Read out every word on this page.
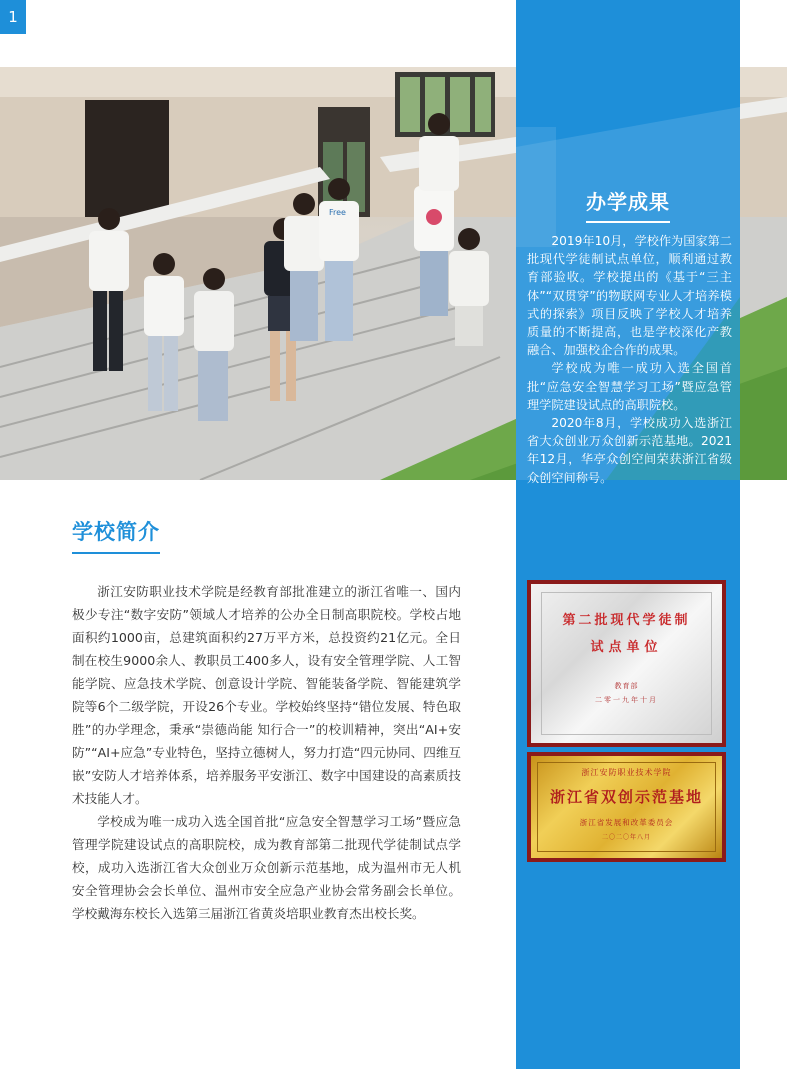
1
Free	办学成果

2019年10月，学校作为国家第二批现代学徒制试点单位，顺利通过教育部验收。学校提出的《基于“三主体”“双贯穿”的物联网专业人才培养模式的探索》项目反映了学校人才培养质量的不断提高，也是学校深化产教融合、加强校企合作的成果。

学校成为唯一成功入选全国首批“应急安全智慧学习工场”暨应急管理学院建设试点的高职院校。

2020年8月，学校成功入选浙江省大众创业万众创新示范基地。2021年12月，华亭众创空间荣获浙江省级众创空间称号。

学校简介

浙江安防职业技术学院是经教育部批准建立的浙江省唯一、国内极少专注“数字安防”领域人才培养的公办全日制高职院校。学校占地面积约1000亩，总建筑面积约27万平方米，总投资约21亿元。全日制在校生9000余人、教职员工400多人，设有安全管理学院、人工智能学院、应急技术学院、创意设计学院、智能装备学院、智能建筑学院等6个二级学院，开设26个专业。学校始终坚持“错位发展、特色取胜”的办学理念，秉承“崇德尚能 知行合一”的校训精神，突出“AI+安防”“AI+应急”专业特色，坚持立德树人，努力打造“四元协同、四维互嵌”安防人才培养体系，培养服务平安浙江、数字中国建设的高素质技术技能人才。

学校成为唯一成功入选全国首批“应急安全智慧学习工场”暨应急管理学院建设试点的高职院校，成为教育部第二批现代学徒制试点学校，成功入选浙江省大众创业万众创新示范基地，成为温州市无人机安全管理协会会长单位、温州市安全应急产业协会常务副会长单位。学校戴海东校长入选第三届浙江省黄炎培职业教育杰出校长奖。

第二批现代学徒制
试点单位
教育部
二零一九年十月
浙江安防职业技术学院
浙江省双创示范基地
浙江省发展和改革委员会
二〇二〇年八月
